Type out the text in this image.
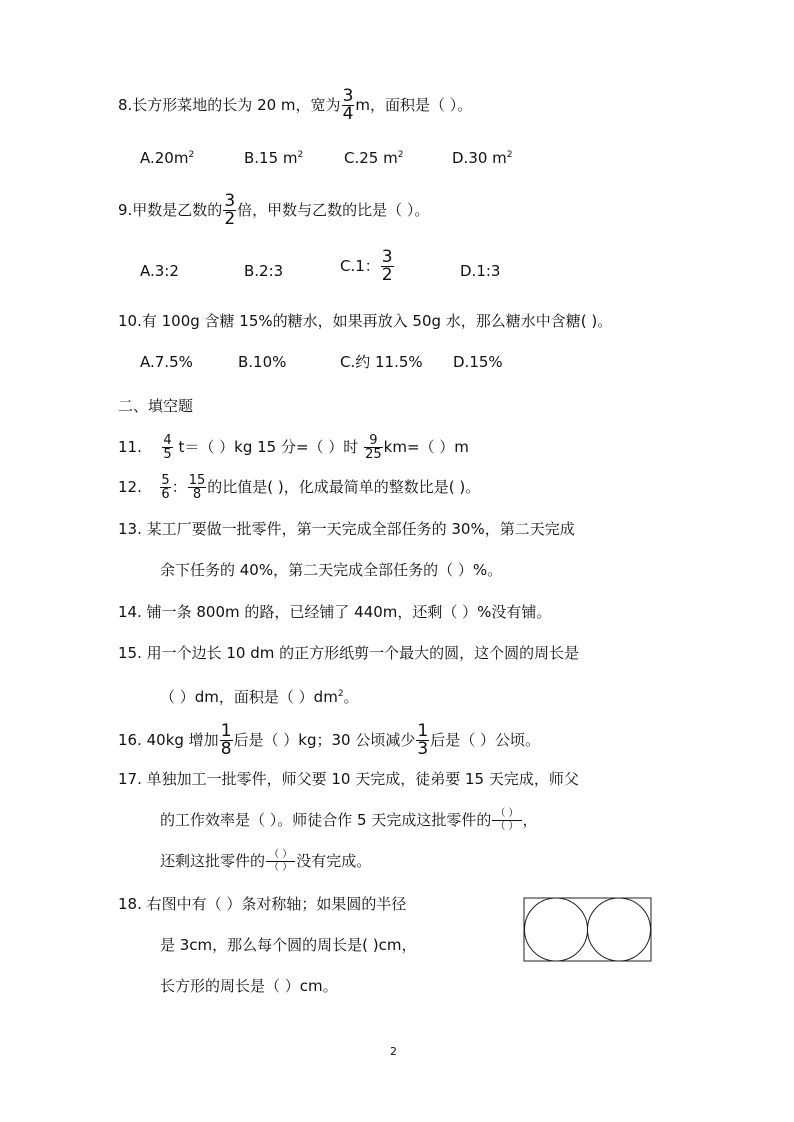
8.长方形菜地的长为 20 m，宽为 $\frac{3}{4}$ m，面积是（ ）。
$A.20m^2$	B.15 $m^2$	C.25 $m^2$	D.30 $m^2$
9.甲数是乙数的 $\frac{3}{2}$ 倍，甲数与乙数的比是（ ）。
A.3:2	B.2:3	C.1： $\frac{3}{2}$	D.1:3
10.有 100g 含糖 15%的糖水，如果再放入 50g 水，那么糖水中含糖( )。
A.7.5%	B.10%	C.约 11.5% D.15%
二、填空题
11. $\frac{4}{5} t=$（ ）kg 15 分=（ ）时 $\frac{9}{25} km=$（ ）m
12. $\frac{5}{6}$ ： $\frac{15}{8}$ 的比值是( )，化成最简单的整数比是( )。
13. 某工厂要做一批零件，第一天完成全部任务的 30%，第二天完成
余下任务的 40%，第二天完成全部任务的（ ）%。
14. 铺一条 800m 的路，已经铺了 440m，还剩（ ）%没有铺。
15. 用一个边长 10 dm 的正方形纸剪一个最大的圆，这个圆的周长是
（ ）dm，面积是（ ）$dm^2$。
16. 40kg 增加 $\frac{1}{8}$ 后是（ ）kg；30 公顷减少 $\frac{1}{3}$ 后是（ ）公顷。
17. 单独加工一批零件，师父要 10 天完成，徒弟要 15 天完成，师父
的工作效率是（ ）。师徒合作 5 天完成这批零件的 $\frac{( )}{( )}$ ，
还剩这批零件的 $\frac{( )}{( )}$ 没有完成。
18. 右图中有（ ）条对称轴；如果圆的半径
是 3cm，那么每个圆的周长是( )cm，
长方形的周长是（ ）cm。
2
